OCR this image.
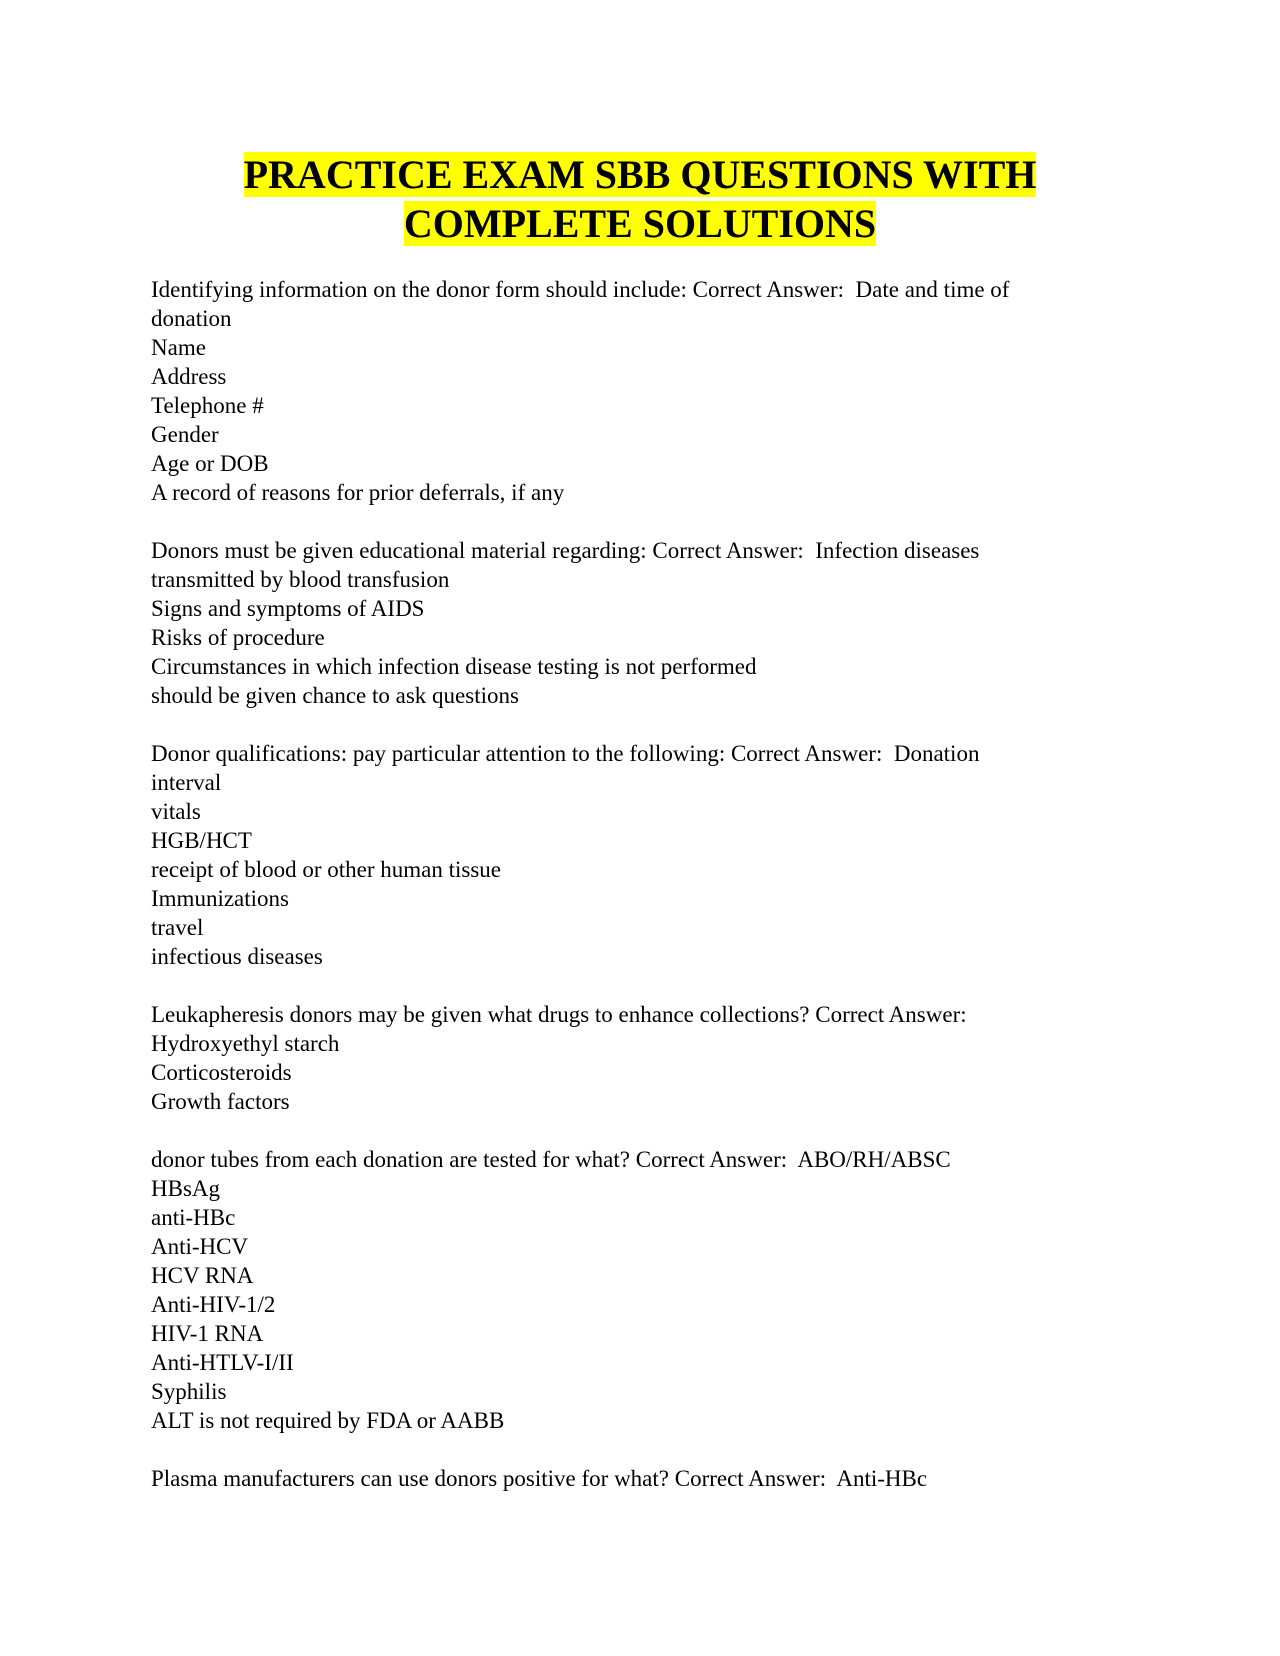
PRACTICE EXAM SBB QUESTIONS WITH
COMPLETE SOLUTIONS
Identifying information on the donor form should include: Correct Answer:  Date and time of
donation
Name
Address
Telephone #
Gender
Age or DOB
A record of reasons for prior deferrals, if any
Donors must be given educational material regarding: Correct Answer:  Infection diseases
transmitted by blood transfusion
Signs and symptoms of AIDS
Risks of procedure
Circumstances in which infection disease testing is not performed
should be given chance to ask questions
Donor qualifications: pay particular attention to the following: Correct Answer:  Donation
interval
vitals
HGB/HCT
receipt of blood or other human tissue
Immunizations
travel
infectious diseases
Leukapheresis donors may be given what drugs to enhance collections? Correct Answer:
Hydroxyethyl starch
Corticosteroids
Growth factors
donor tubes from each donation are tested for what? Correct Answer:  ABO/RH/ABSC
HBsAg
anti-HBc
Anti-HCV
HCV RNA
Anti-HIV-1/2
HIV-1 RNA
Anti-HTLV-I/II
Syphilis
ALT is not required by FDA or AABB
Plasma manufacturers can use donors positive for what? Correct Answer:  Anti-HBc
